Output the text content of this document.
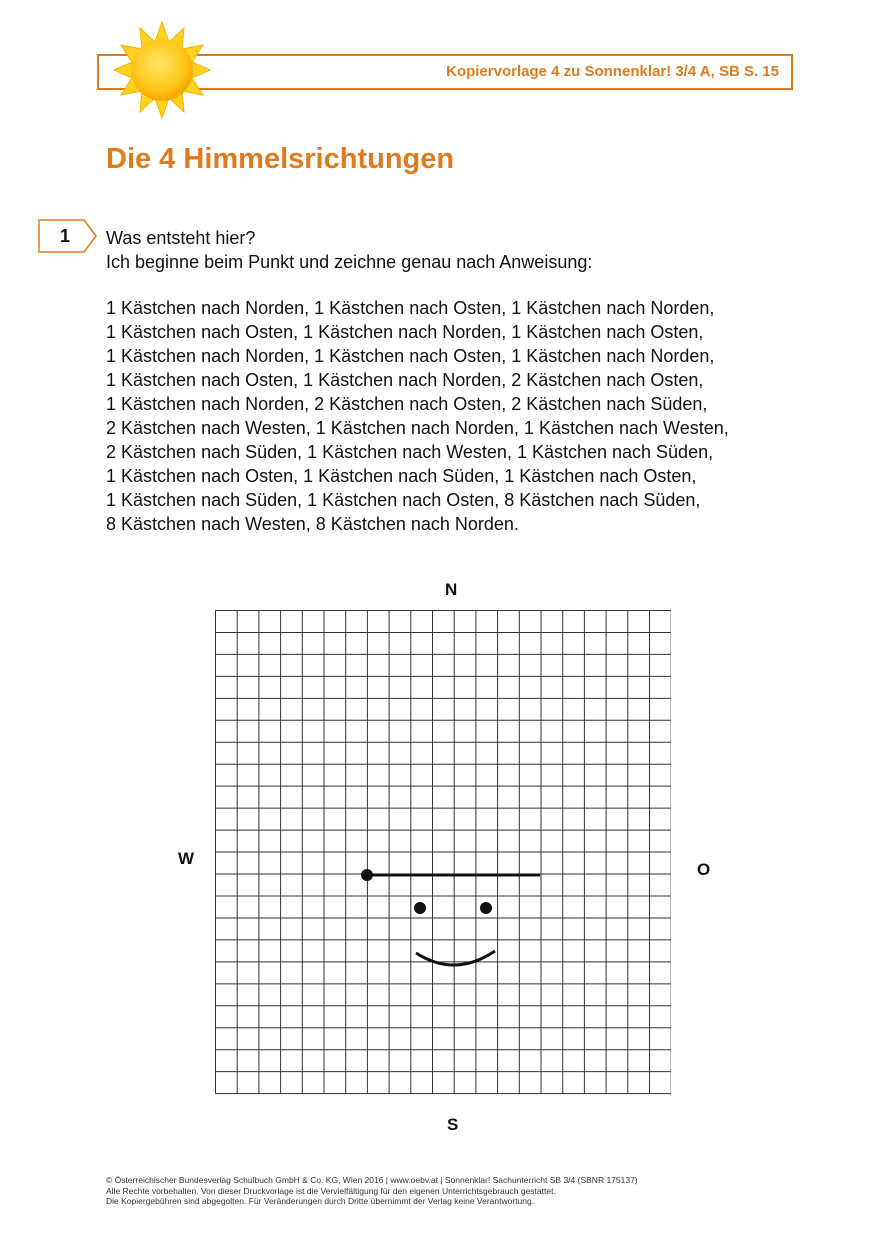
Kopiervorlage 4 zu Sonnenklar! 3/4 A, SB S. 15
Die 4 Himmelsrichtungen
1	Was entsteht hier?
Ich beginne beim Punkt und zeichne genau nach Anweisung:
1 Kästchen nach Norden, 1 Kästchen nach Osten, 1 Kästchen nach Norden,
1 Kästchen nach Osten, 1 Kästchen nach Norden, 1 Kästchen nach Osten,
1 Kästchen nach Norden, 1 Kästchen nach Osten, 1 Kästchen nach Norden,
1 Kästchen nach Osten, 1 Kästchen nach Norden, 2 Kästchen nach Osten,
1 Kästchen nach Norden, 2 Kästchen nach Osten, 2 Kästchen nach Süden,
2 Kästchen nach Westen, 1 Kästchen nach Norden, 1 Kästchen nach Westen,
2 Kästchen nach Süden, 1 Kästchen nach Westen, 1 Kästchen nach Süden,
1 Kästchen nach Osten, 1 Kästchen nach Süden, 1 Kästchen nach Osten,
1 Kästchen nach Süden, 1 Kästchen nach Osten, 8 Kästchen nach Süden,
8 Kästchen nach Westen, 8 Kästchen nach Norden.
N
S
W
O
© Österreichischer Bundesverlag Schulbuch GmbH & Co. KG, Wien 2016 | www.oebv.at | Sonnenklar! Sachunterricht SB 3/4 (SBNR 175137)
Alle Rechte vorbehalten. Von dieser Druckvorlage ist die Vervielfältigung für den eigenen Unterrichtsgebrauch gestattet.
Die Kopiergebühren sind abgegolten. Für Veränderungen durch Dritte übernimmt der Verlag keine Verantwortung.
